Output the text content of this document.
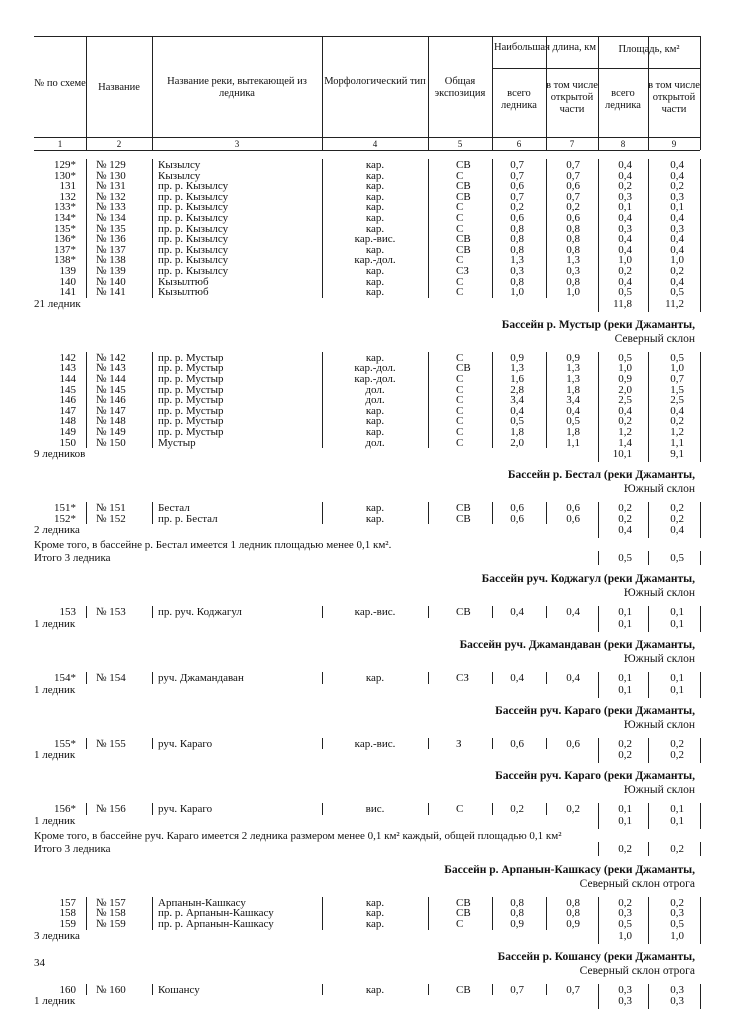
№ по схеме	Название
Название реки, вытекающей из ледника
Морфологический тип	Общая экспозиция
Наибольшая длина, км	Площадь, км²
всего ледника
в том числе открытой части
всего ледника
в том числе открытой части
1	2	3	4	5	6	7	8	9
129* № 129	Кызылсу	кар.	СВ	0,7	0,7	0,4	0,4
130* № 130	Кызылсу	кар.	С	0,7	0,7	0,4	0,4
131 № 131	пр. р. Кызылсу	кар.	СВ	0,6	0,6	0,2	0,2
132 № 132	пр. р. Кызылсу	кар.	СВ	0,7	0,7	0,3	0,3
133* № 133	пр. р. Кызылсу	кар.	С	0,2	0,2	0,1	0,1
134* № 134	пр. р. Кызылсу	кар.	С	0,6	0,6	0,4	0,4
135* № 135	пр. р. Кызылсу	кар.	С	0,8	0,8	0,3	0,3
136* № 136	пр. р. Кызылсу	кар.-вис.	СВ	0,8	0,8	0,4	0,4
137* № 137	пр. р. Кызылсу	кар.	СВ	0,8	0,8	0,4	0,4
138* № 138	пр. р. Кызылсу	кар.-дол.	С	1,3	1,3	1,0	1,0
139 № 139	пр. р. Кызылсу	кар.	СЗ	0,3	0,3	0,2	0,2
140 № 140	Кызылтюб	кар.	С	0,8	0,8	0,4	0,4
141 № 141	Кызылтюб	кар.	С	1,0	1,0	0,5	0,5
21 ледник	11,8	11,2
Бассейн р. Мустыр (реки Джаманты,
Северный склон
142 № 142	пр. р. Мустыр	кар.	С	0,9	0,9	0,5	0,5
143 № 143	пр. р. Мустыр	кар.-дол.	СВ	1,3	1,3	1,0	1,0
144 № 144	пр. р. Мустыр	кар.-дол.	С	1,6	1,3	0,9	0,7
145 № 145	пр. р. Мустыр	дол.	С	2,8	1,8	2,0	1,5
146 № 146	пр. р. Мустыр	дол.	С	3,4	3,4	2,5	2,5
147 № 147	пр. р. Мустыр	кар.	С	0,4	0,4	0,4	0,4
148 № 148	пр. р. Мустыр	кар.	С	0,5	0,5	0,2	0,2
149 № 149	пр. р. Мустыр	кар.	С	1,8	1,8	1,2	1,2
150 № 150	Мустыр	дол.	С	2,0	1,1	1,4	1,1
9 ледников	10,1	9,1
Бассейн р. Бестал (реки Джаманты,
Южный склон
151* № 151	Бестал	кар.	СВ	0,6	0,6	0,2	0,2
152* № 152	пр. р. Бестал	кар.	СВ	0,6	0,6	0,2	0,2
2 ледника	0,4	0,4
Кроме того, в бассейне р. Бестал имеется 1 ледник площадью менее 0,1 км².
Итого 3 ледника	0,5	0,5
Бассейн руч. Коджагул (реки Джаманты,
Южный склон
153 № 153	пр. руч. Коджагул	кар.-вис.	СВ	0,4	0,4	0,1	0,1
1 ледник	0,1	0,1
Бассейн руч. Джамандаван (реки Джаманты,
Южный склон
154* № 154	руч. Джамандаван	кар.	СЗ	0,4	0,4	0,1	0,1
1 ледник	0,1	0,1
Бассейн руч. Караго (реки Джаманты,
Южный склон
155* № 155	руч. Караго	кар.-вис.	З	0,6	0,6	0,2	0,2
1 ледник	0,2	0,2
Бассейн руч. Караго (реки Джаманты,
Южный склон
156* № 156	руч. Караго	вис.	С	0,2	0,2	0,1	0,1
1 ледник	0,1	0,1
Кроме того, в бассейне руч. Караго имеется 2 ледника размером менее 0,1 км² каждый, общей площадью 0,1 км²
Итого 3 ледника	0,2	0,2
Бассейн р. Арпанын-Кашкасу (реки Джаманты,
Северный склон отрога
157 № 157	Арпанын-Кашкасу	кар.	СВ	0,8	0,8	0,2	0,2
158 № 158	пр. р. Арпанын-Кашкасу	кар.	СВ	0,8	0,8	0,3	0,3
159 № 159	пр. р. Арпанын-Кашкасу	кар.	С	0,9	0,9	0,5	0,5
3 ледника	1,0	1,0
Бассейн р. Кошансу (реки Джаманты,
Северный склон отрога
160 № 160	Кошансу	кар.	СВ	0,7	0,7	0,3	0,3
1 ледник	0,3	0,3
34
